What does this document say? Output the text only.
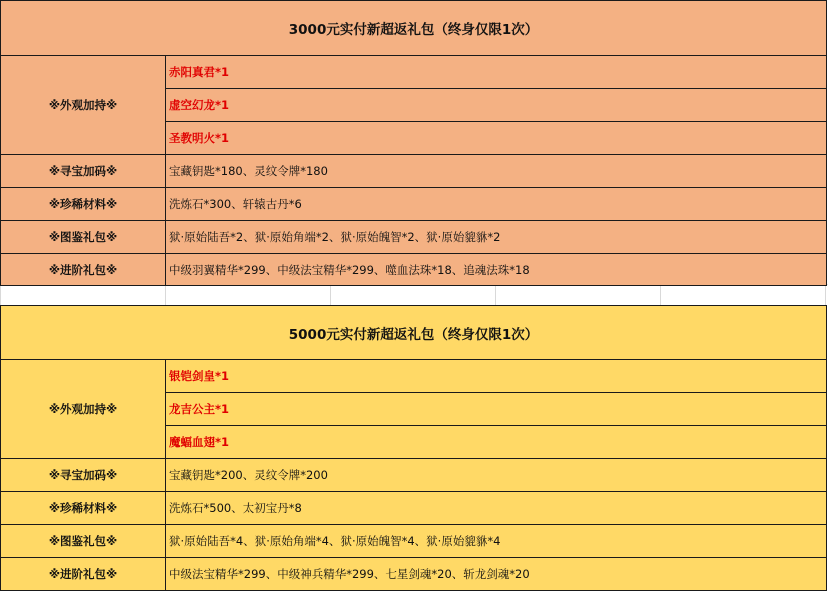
3000元实付新超返礼包（终身仅限1次）	
※外观加持※	赤阳真君*1
	虚空幻龙*1
	圣教明火*1
※寻宝加码※	宝藏钥匙*180、灵纹令牌*180
※珍稀材料※	洗炼石*300、轩辕古丹*6
※图鉴礼包※	狱·原始陆吾*2、狱·原始角端*2、狱·原始魄智*2、狱·原始貔貅*2
※进阶礼包※	中级羽翼精华*299、中级法宝精华*299、噬血法珠*18、追魂法珠*18
5000元实付新超返礼包（终身仅限1次）	
※外观加持※	银铠剑皇*1
	龙吉公主*1
	魔蝠血翅*1
※寻宝加码※	宝藏钥匙*200、灵纹令牌*200
※珍稀材料※	洗炼石*500、太初宝丹*8
※图鉴礼包※	狱·原始陆吾*4、狱·原始角端*4、狱·原始魄智*4、狱·原始貔貅*4
※进阶礼包※	中级法宝精华*299、中级神兵精华*299、七星剑魂*20、斩龙剑魂*20
